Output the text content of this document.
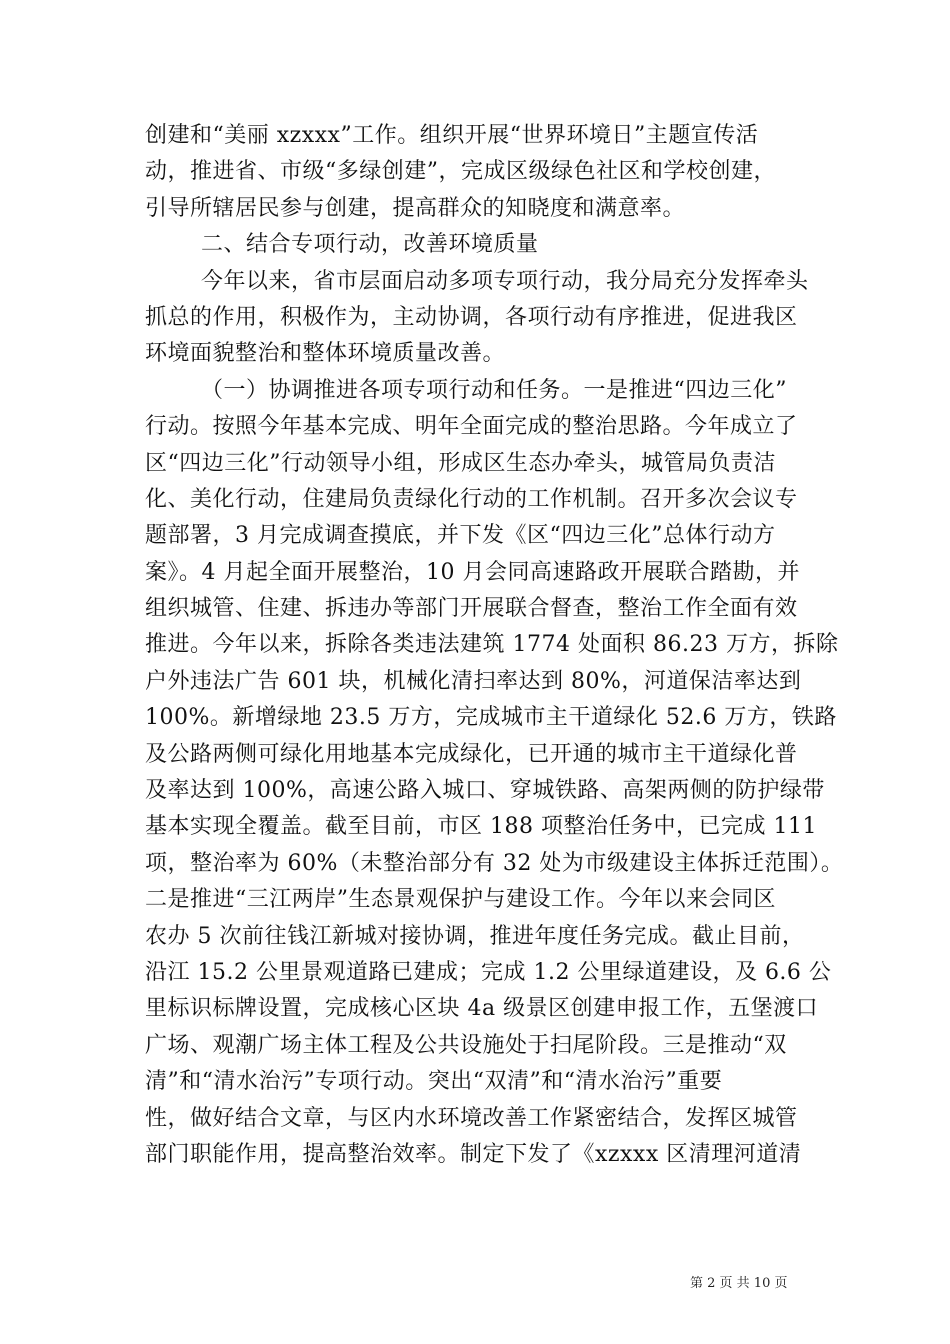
创建和“美丽 xzxxx”工作。组织开展“世界环境日”主题宣传活
动，推进省、市级“多绿创建”，完成区级绿色社区和学校创建，
引导所辖居民参与创建，提高群众的知晓度和满意率。
二、结合专项行动，改善环境质量
今年以来，省市层面启动多项专项行动，我分局充分发挥牵头
抓总的作用，积极作为，主动协调，各项行动有序推进，促进我区
环境面貌整治和整体环境质量改善。
（一）协调推进各项专项行动和任务。一是推进“四边三化”
行动。按照今年基本完成、明年全面完成的整治思路。今年成立了
区“四边三化”行动领导小组，形成区生态办牵头，城管局负责洁
化、美化行动，住建局负责绿化行动的工作机制。召开多次会议专
题部署，3 月完成调查摸底，并下发《区“四边三化”总体行动方
案》。4 月起全面开展整治，10 月会同高速路政开展联合踏勘，并
组织城管、住建、拆违办等部门开展联合督查，整治工作全面有效
推进。今年以来，拆除各类违法建筑 1774 处面积 86.23 万方，拆除
户外违法广告 601 块，机械化清扫率达到 80%，河道保洁率达到
100%。新增绿地 23.5 万方，完成城市主干道绿化 52.6 万方，铁路
及公路两侧可绿化用地基本完成绿化，已开通的城市主干道绿化普
及率达到 100%，高速公路入城口、穿城铁路、高架两侧的防护绿带
基本实现全覆盖。截至目前，市区 188 项整治任务中，已完成 111
项，整治率为 60%（未整治部分有 32 处为市级建设主体拆迁范围）。
二是推进“三江两岸”生态景观保护与建设工作。今年以来会同区
农办 5 次前往钱江新城对接协调，推进年度任务完成。截止目前，
沿江 15.2 公里景观道路已建成；完成 1.2 公里绿道建设，及 6.6 公
里标识标牌设置，完成核心区块 4a 级景区创建申报工作，五堡渡口
广场、观潮广场主体工程及公共设施处于扫尾阶段。三是推动“双
清”和“清水治污”专项行动。突出“双清”和“清水治污”重要
性，做好结合文章，与区内水环境改善工作紧密结合，发挥区城管
部门职能作用，提高整治效率。制定下发了《xzxxx 区清理河道清
第 2 页 共 10 页
